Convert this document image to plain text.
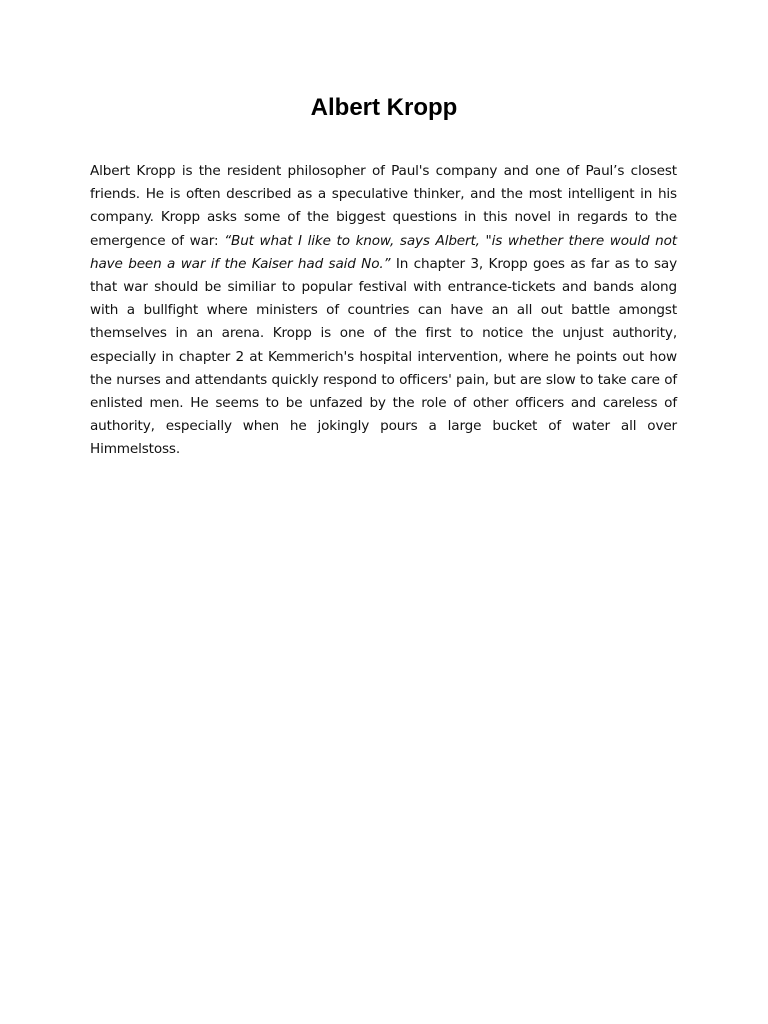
Albert Kropp

Albert Kropp is the resident philosopher of Paul's company and one of Paul’s closest friends. He is often described as a speculative thinker, and the most intelligent in his company. Kropp asks some of the biggest questions in this novel in regards to the emergence of war: “But what I like to know, says Albert, "is whether there would not have been a war if the Kaiser had said No.” In chapter 3, Kropp goes as far as to say that war should be similiar to popular festival with entrance-tickets and bands along with a bullfight where ministers of countries can have an all out battle amongst themselves in an arena. Kropp is one of the first to notice the unjust authority, especially in chapter 2 at Kemmerich's hospital intervention, where he points out how the nurses and attendants quickly respond to officers' pain, but are slow to take care of enlisted men. He seems to be unfazed by the role of other officers and careless of authority, especially when he jokingly pours a large bucket of water all over Himmelstoss.
